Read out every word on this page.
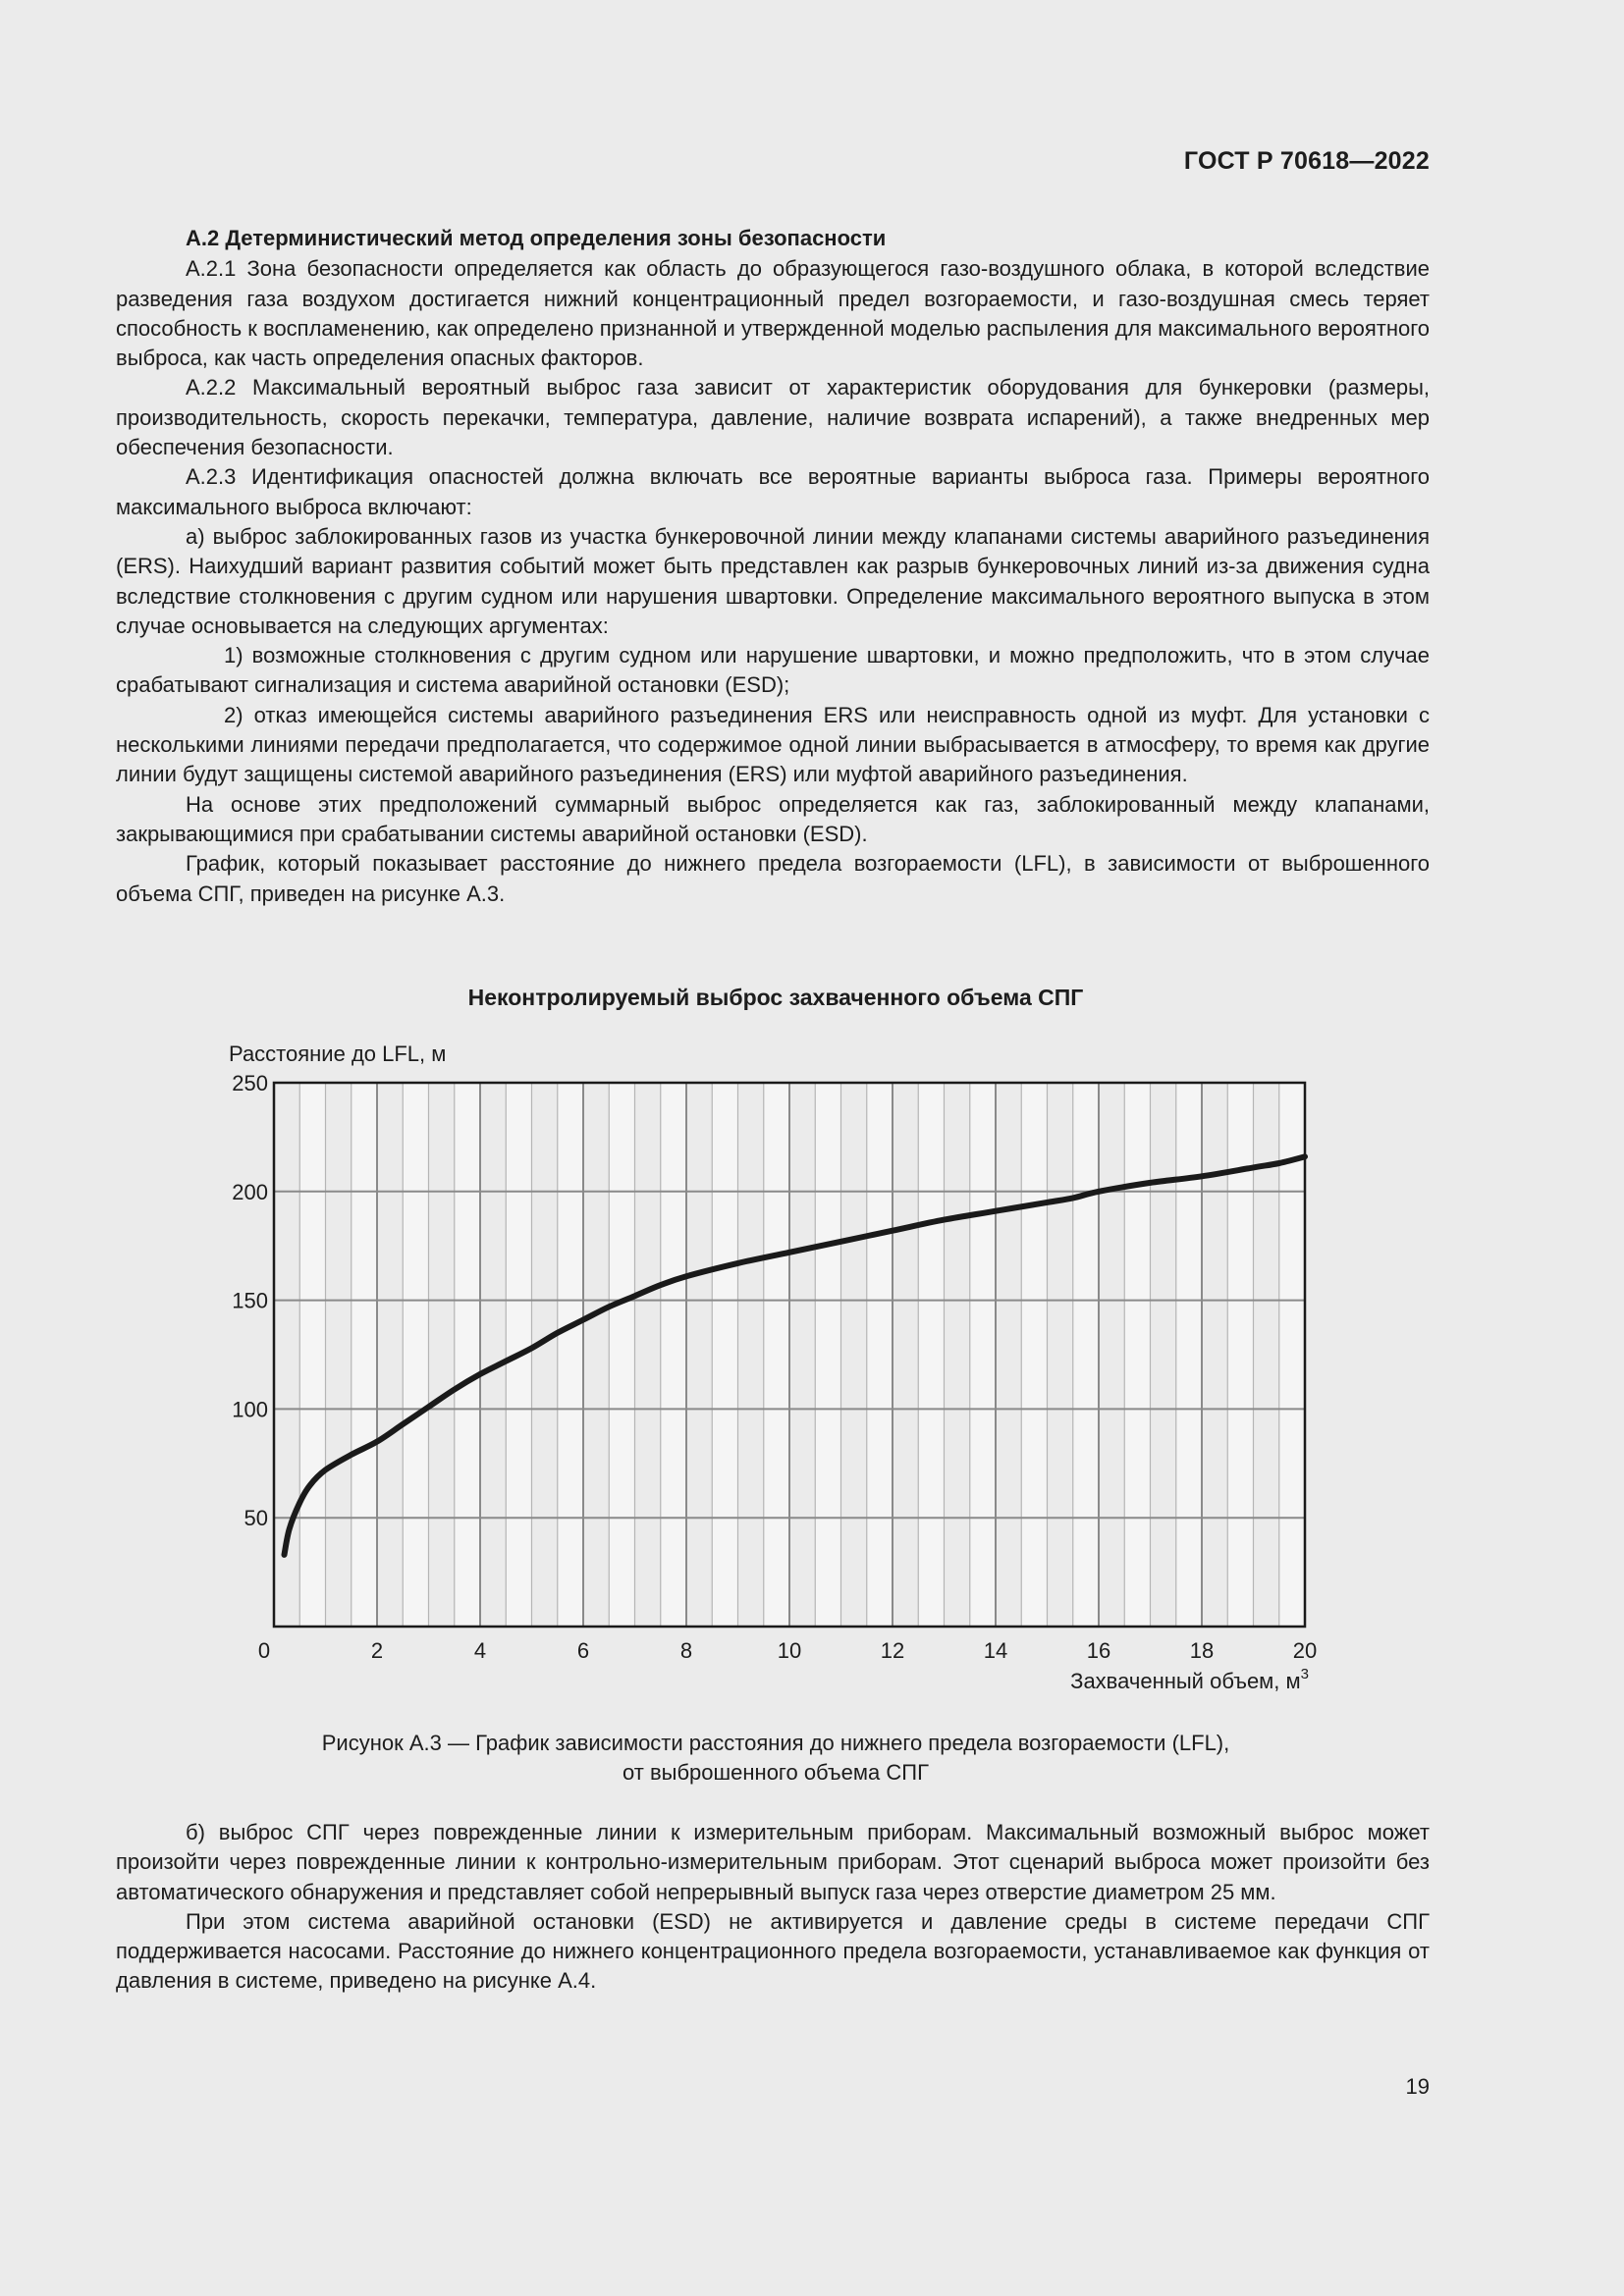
ГОСТ Р 70618—2022

А.2 Детерминистический метод определения зоны безопасности

А.2.1 Зона безопасности определяется как область до образующегося газо-воздушного облака, в которой вследствие разведения газа воздухом достигается нижний концентрационный предел возгораемости, и газо-воздушная смесь теряет способность к воспламенению, как определено признанной и утвержденной моделью распыления для максимального вероятного выброса, как часть определения опасных факторов.

А.2.2 Максимальный вероятный выброс газа зависит от характеристик оборудования для бункеровки (размеры, производительность, скорость перекачки, температура, давление, наличие возврата испарений), а также внедренных мер обеспечения безопасности.

А.2.3 Идентификация опасностей должна включать все вероятные варианты выброса газа. Примеры вероятного максимального выброса включают:

а) выброс заблокированных газов из участка бункеровочной линии между клапанами системы аварийного разъединения (ERS). Наихудший вариант развития событий может быть представлен как разрыв бункеровочных линий из-за движения судна вследствие столкновения с другим судном или нарушения швартовки. Определение максимального вероятного выпуска в этом случае основывается на следующих аргументах:

1) возможные столкновения с другим судном или нарушение швартовки, и можно предположить, что в этом случае срабатывают сигнализация и система аварийной остановки (ESD);

2) отказ имеющейся системы аварийного разъединения ERS или неисправность одной из муфт. Для установки с несколькими линиями передачи предполагается, что содержимое одной линии выбрасывается в атмосферу, то время как другие линии будут защищены системой аварийного разъединения (ERS) или муфтой аварийного разъединения.

На основе этих предположений суммарный выброс определяется как газ, заблокированный между клапанами, закрывающимися при срабатывании системы аварийной остановки (ESD).

График, который показывает расстояние до нижнего предела возгораемости (LFL), в зависимости от выброшенного объема СПГ, приведен на рисунке А.3.

Неконтролируемый выброс захваченного объема СПГ
0	2	4	6	8	10	12	14	16	18	20
50
100
150
200
250
Расстояние до LFL, м
Захваченный объем, $м^3$
Рисунок А.3 — График зависимости расстояния до нижнего предела возгораемости (LFL),
от выброшенного объема СПГ

б) выброс СПГ через поврежденные линии к измерительным приборам. Максимальный возможный выброс может произойти через поврежденные линии к контрольно-измерительным приборам. Этот сценарий выброса может произойти без автоматического обнаружения и представляет собой непрерывный выпуск газа через отверстие диаметром 25 мм.

При этом система аварийной остановки (ESD) не активируется и давление среды в системе передачи СПГ поддерживается насосами. Расстояние до нижнего концентрационного предела возгораемости, устанавливаемое как функция от давления в системе, приведено на рисунке А.4.

19
